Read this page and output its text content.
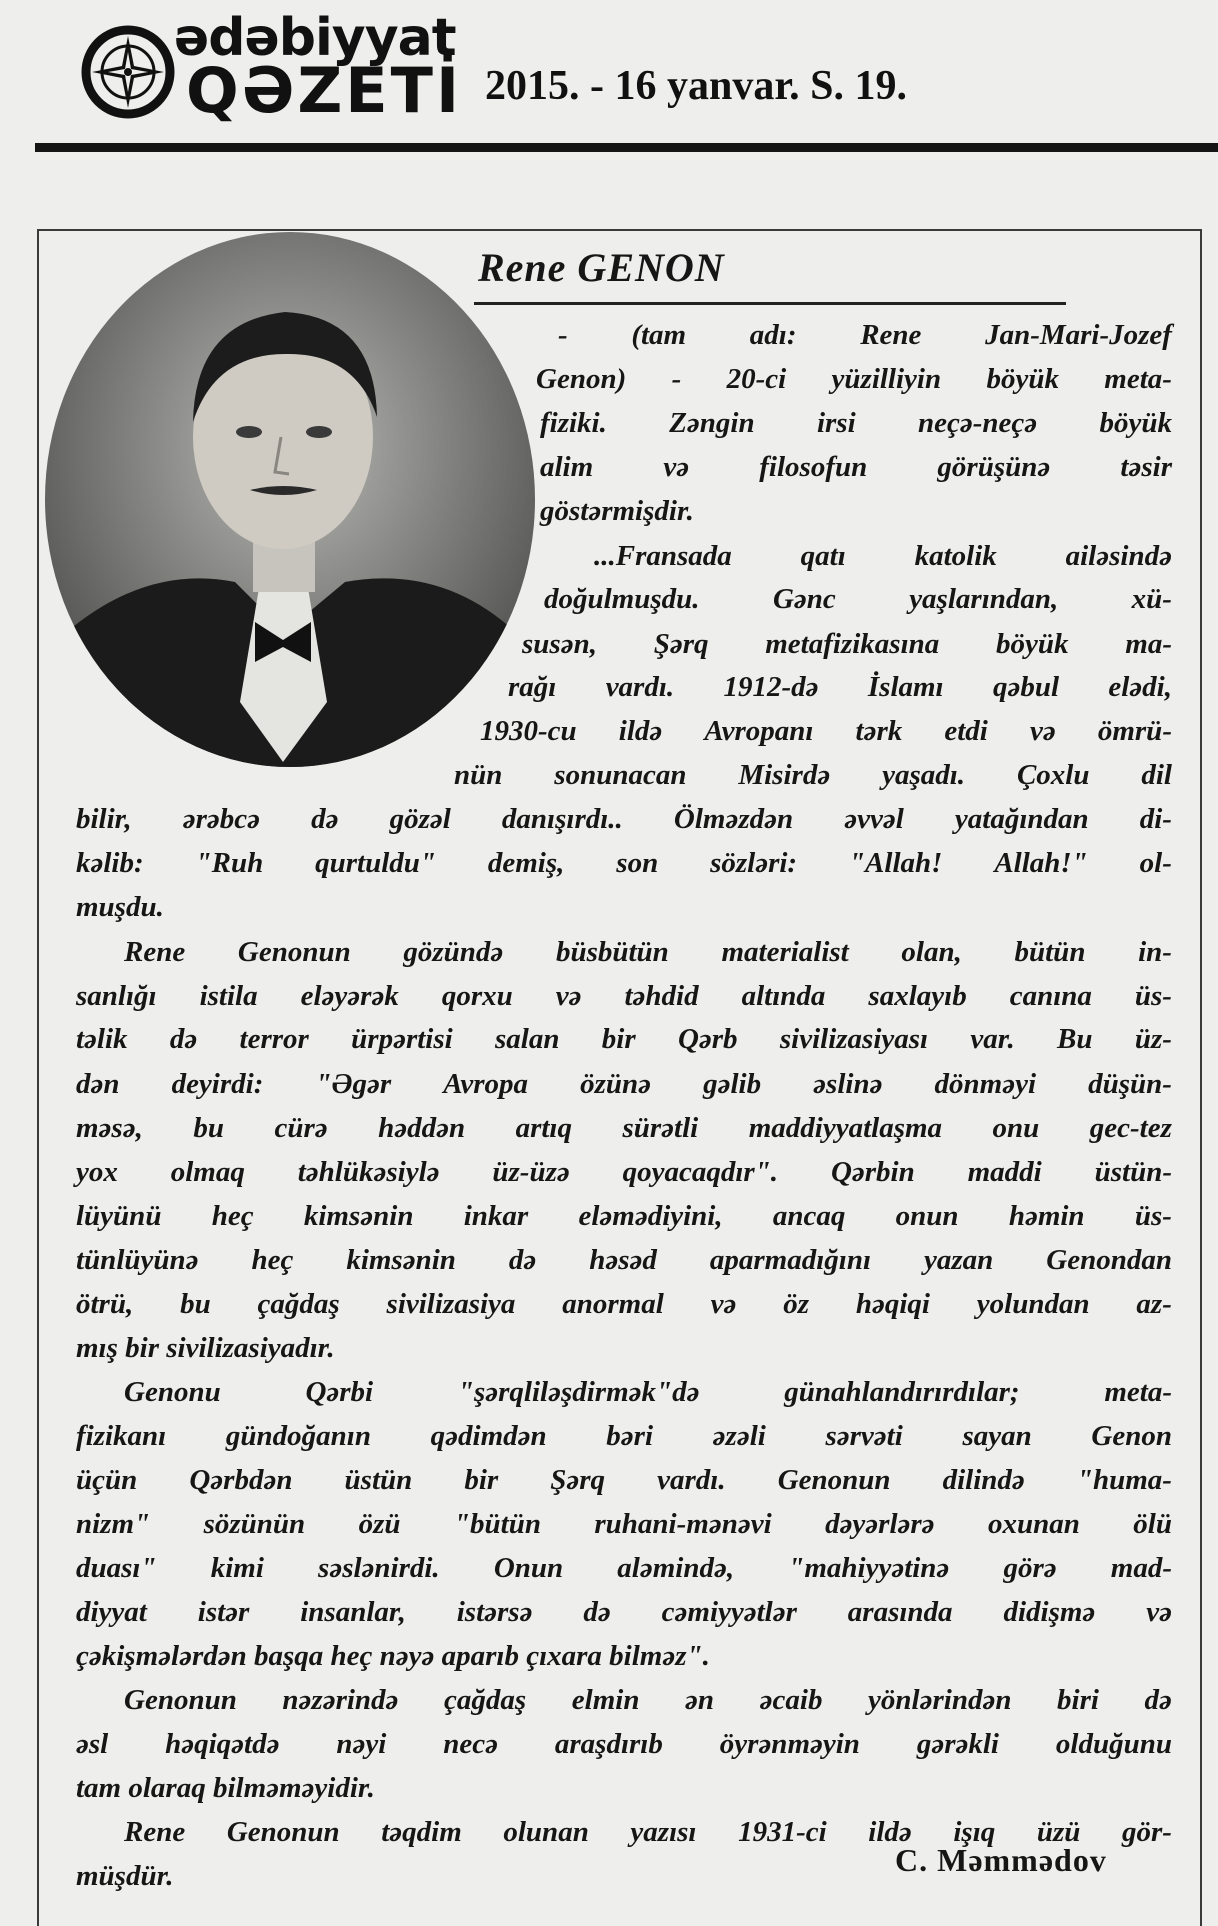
ədəbiyyat
QƏZETİ 2015. - 16 yanvar. S. 19.
Rene GENON
- (tam adı: Rene Jan-Mari-Jozef
Genon) - 20-ci yüzilliyin böyük meta-
fiziki. Zəngin irsi neçə-neçə böyük
alim və filosofun görüşünə təsir
göstərmişdir.
...Fransada qatı katolik ailəsində
doğulmuşdu.	Gənc	yaşlarından,	xü-
susən, Şərq metafizikasına böyük ma-
rağı vardı. 1912-də İslamı qəbul elədi,
1930-cu ildə Avropanı tərk etdi və ömrü-
nün sonunacan Misirdə yaşadı. Çoxlu dil
bilir, ərəbcə də gözəl danışırdı.. Ölməzdən əvvəl yatağından di-
kəlib: "Ruh qurtuldu" demiş, son sözləri: "Allah! Allah!" ol-
muşdu.
Rene Genonun gözündə büsbütün materialist olan, bütün in-
sanlığı istila eləyərək qorxu və təhdid altında saxlayıb canına üs-
təlik də terror ürpərtisi salan bir Qərb sivilizasiyası var. Bu üz-
dən deyirdi: "Əgər Avropa özünə gəlib əslinə dönməyi düşün-
məsə, bu cürə həddən artıq sürətli maddiyyatlaşma onu gec-tez
yox olmaq təhlükəsiylə üz-üzə qoyacaqdır". Qərbin maddi üstün-
lüyünü heç kimsənin inkar eləmədiyini, ancaq onun həmin üs-
tünlüyünə heç kimsənin də həsəd aparmadığını yazan Genondan
ötrü, bu çağdaş sivilizasiya anormal və öz həqiqi yolundan az-
mış bir sivilizasiyadır.
Genonu	Qərbi	"şərqliləşdirmək"də	günahlandırırdılar;	meta-
fizikanı gündoğanın qədimdən bəri əzəli sərvəti sayan Genon
üçün Qərbdən üstün bir Şərq vardı. Genonun dilində "huma-
nizm" sözünün özü "bütün ruhani-mənəvi dəyərlərə oxunan ölü
duası" kimi səslənirdi. Onun aləmində, "mahiyyətinə görə mad-
diyyat istər insanlar, istərsə də cəmiyyətlər arasında didişmə və
çəkişmələrdən başqa heç nəyə aparıb çıxara bilməz".
Genonun nəzərində çağdaş elmin ən əcaib yönlərindən biri də
əsl həqiqətdə nəyi necə araşdırıb öyrənməyin gərəkli olduğunu
tam olaraq bilməməyidir.
Rene Genonun təqdim olunan yazısı 1931-ci ildə işıq üzü gör-
müşdür.	C. Məmmədov
